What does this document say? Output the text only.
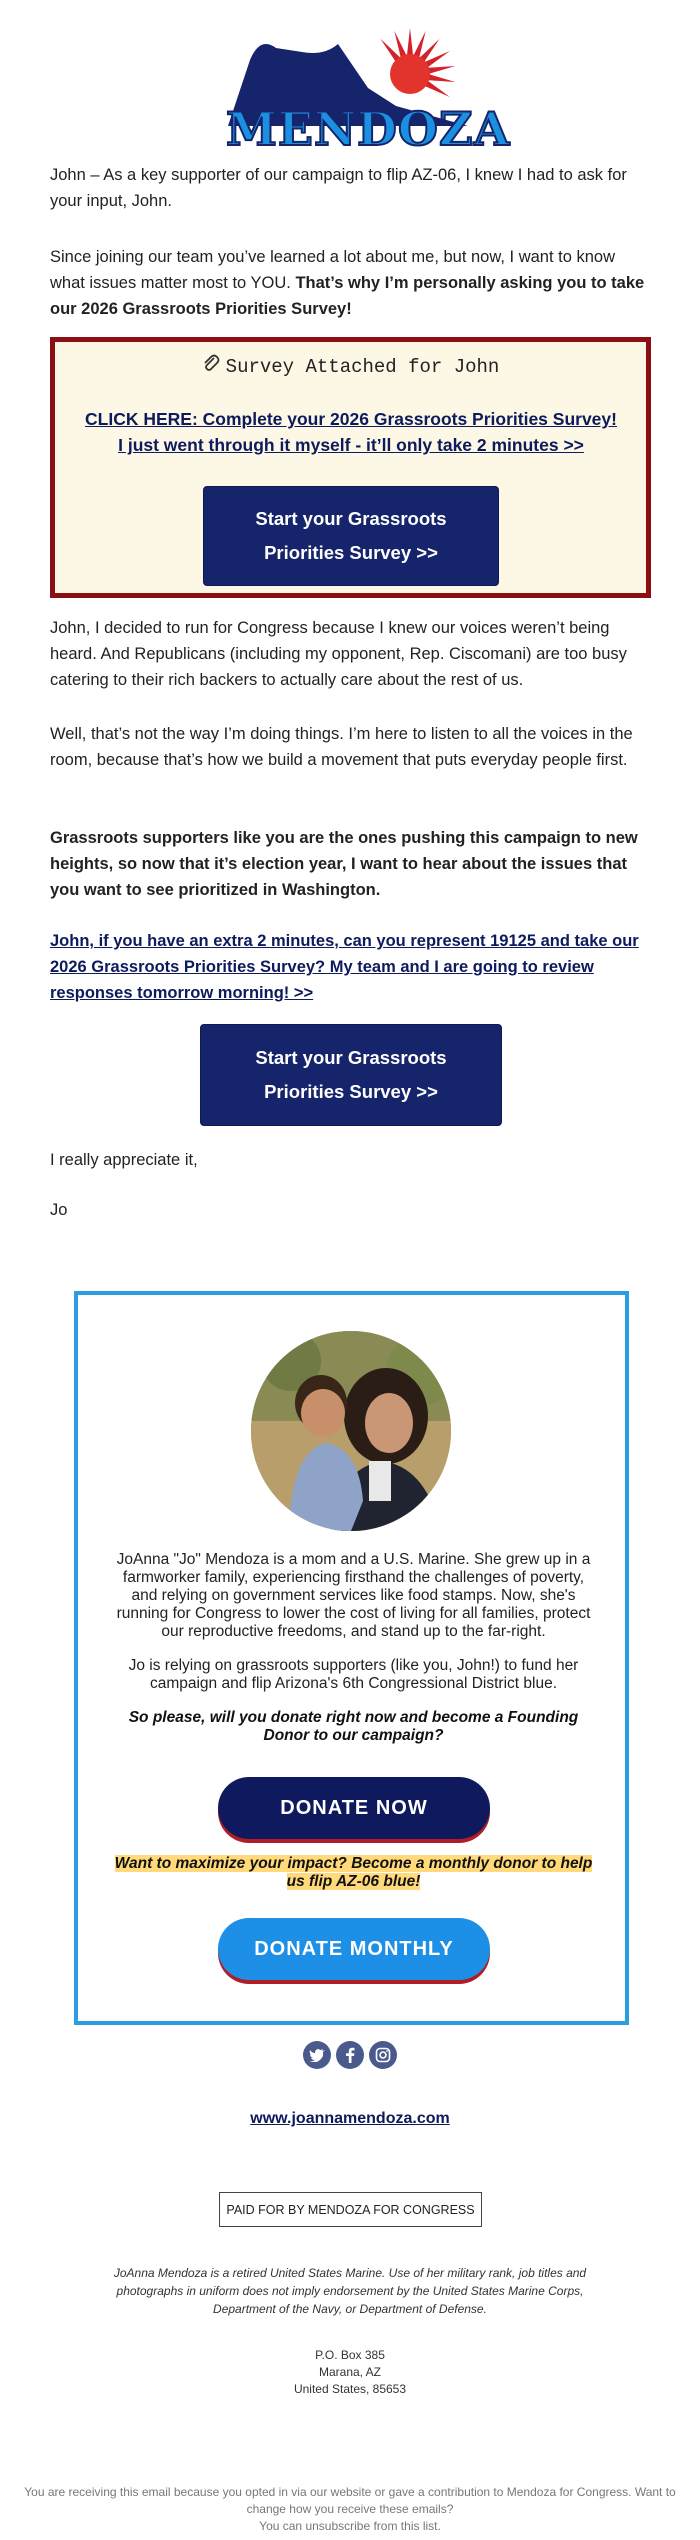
MENDOZA
John – As a key supporter of our campaign to flip AZ-06, I knew I had to ask for your input, John.
Since joining our team you’ve learned a lot about me, but now, I want to know what issues matter most to YOU. That’s why I’m personally asking you to take our 2026 Grassroots Priorities Survey!
Survey Attached for John
CLICK HERE: Complete your 2026 Grassroots Priorities Survey!
I just went through it myself - it’ll only take 2 minutes >>
Start your Grassroots Priorities Survey >>
John, I decided to run for Congress because I knew our voices weren’t being heard. And Republicans (including my opponent, Rep. Ciscomani) are too busy catering to their rich backers to actually care about the rest of us.
Well, that’s not the way I’m doing things. I’m here to listen to all the voices in the room, because that’s how we build a movement that puts everyday people first.
Grassroots supporters like you are the ones pushing this campaign to new heights, so now that it’s election year, I want to hear about the issues that you want to see prioritized in Washington.
John, if you have an extra 2 minutes, can you represent 19125 and take our 2026 Grassroots Priorities Survey? My team and I are going to review responses tomorrow morning! >>
Start your Grassroots Priorities Survey >>
I really appreciate it,
Jo
JoAnna "Jo" Mendoza is a mom and a U.S. Marine. She grew up in a farmworker family, experiencing firsthand the challenges of poverty, and relying on government services like food stamps. Now, she's running for Congress to lower the cost of living for all families, protect our reproductive freedoms, and stand up to the far-right.
Jo is relying on grassroots supporters (like you, John!) to fund her campaign and flip Arizona's 6th Congressional District blue.
So please, will you donate right now and become a Founding Donor to our campaign?
DONATE NOW
Want to maximize your impact? Become a monthly donor to help us flip AZ-06 blue!
DONATE MONTHLY
www.joannamendoza.com
PAID FOR BY MENDOZA FOR CONGRESS
JoAnna Mendoza is a retired United States Marine. Use of her military rank, job titles and photographs in uniform does not imply endorsement by the United States Marine Corps, Department of the Navy, or Department of Defense.
P.O. Box 385
Marana, AZ
United States, 85653
You are receiving this email because you opted in via our website or gave a contribution to Mendoza for Congress. Want to change how you receive these emails?
You can unsubscribe from this list.
